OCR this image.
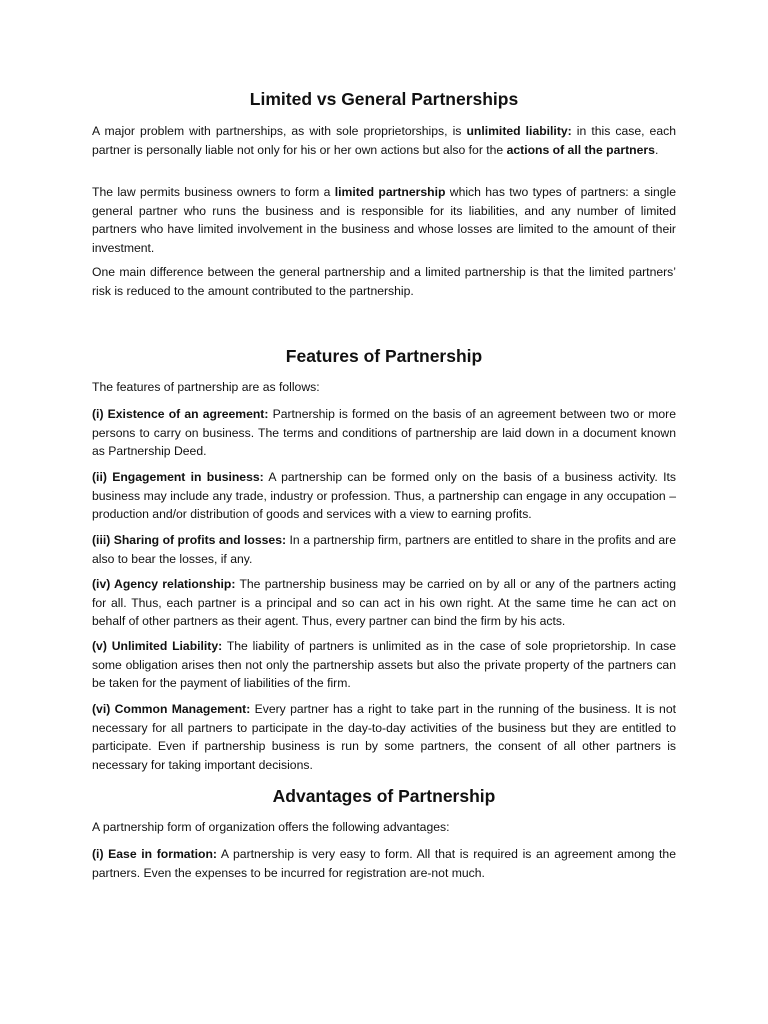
Limited vs General Partnerships

A major problem with partnerships, as with sole proprietorships, is unlimited liability: in this case, each partner is personally liable not only for his or her own actions but also for the actions of all the partners.

The law permits business owners to form a limited partnership which has two types of partners: a single general partner who runs the business and is responsible for its liabilities, and any number of limited partners who have limited involvement in the business and whose losses are limited to the amount of their investment.

One main difference between the general partnership and a limited partnership is that the limited partners’ risk is reduced to the amount contributed to the partnership.

Features of Partnership

The features of partnership are as follows:

(i) Existence of an agreement: Partnership is formed on the basis of an agreement between two or more persons to carry on business. The terms and conditions of partnership are laid down in a document known as Partnership Deed.

(ii) Engagement in business: A partnership can be formed only on the basis of a business activity. Its business may include any trade, industry or profession. Thus, a partnership can engage in any occupation – production and/or distribution of goods and services with a view to earning profits.

(iii) Sharing of profits and losses: In a partnership firm, partners are entitled to share in the profits and are also to bear the losses, if any.

(iv) Agency relationship: The partnership business may be carried on by all or any of the partners acting for all. Thus, each partner is a principal and so can act in his own right. At the same time he can act on behalf of other partners as their agent. Thus, every partner can bind the firm by his acts.

(v) Unlimited Liability: The liability of partners is unlimited as in the case of sole proprietorship. In case some obligation arises then not only the partnership assets but also the private property of the partners can be taken for the payment of liabilities of the firm.

(vi) Common Management: Every partner has a right to take part in the running of the business. It is not necessary for all partners to participate in the day-to-day activities of the business but they are entitled to participate. Even if partnership business is run by some partners, the consent of all other partners is necessary for taking important decisions.

Advantages of Partnership

A partnership form of organization offers the following advantages:

(i) Ease in formation: A partnership is very easy to form. All that is required is an agreement among the partners. Even the expenses to be incurred for registration are-not much.
